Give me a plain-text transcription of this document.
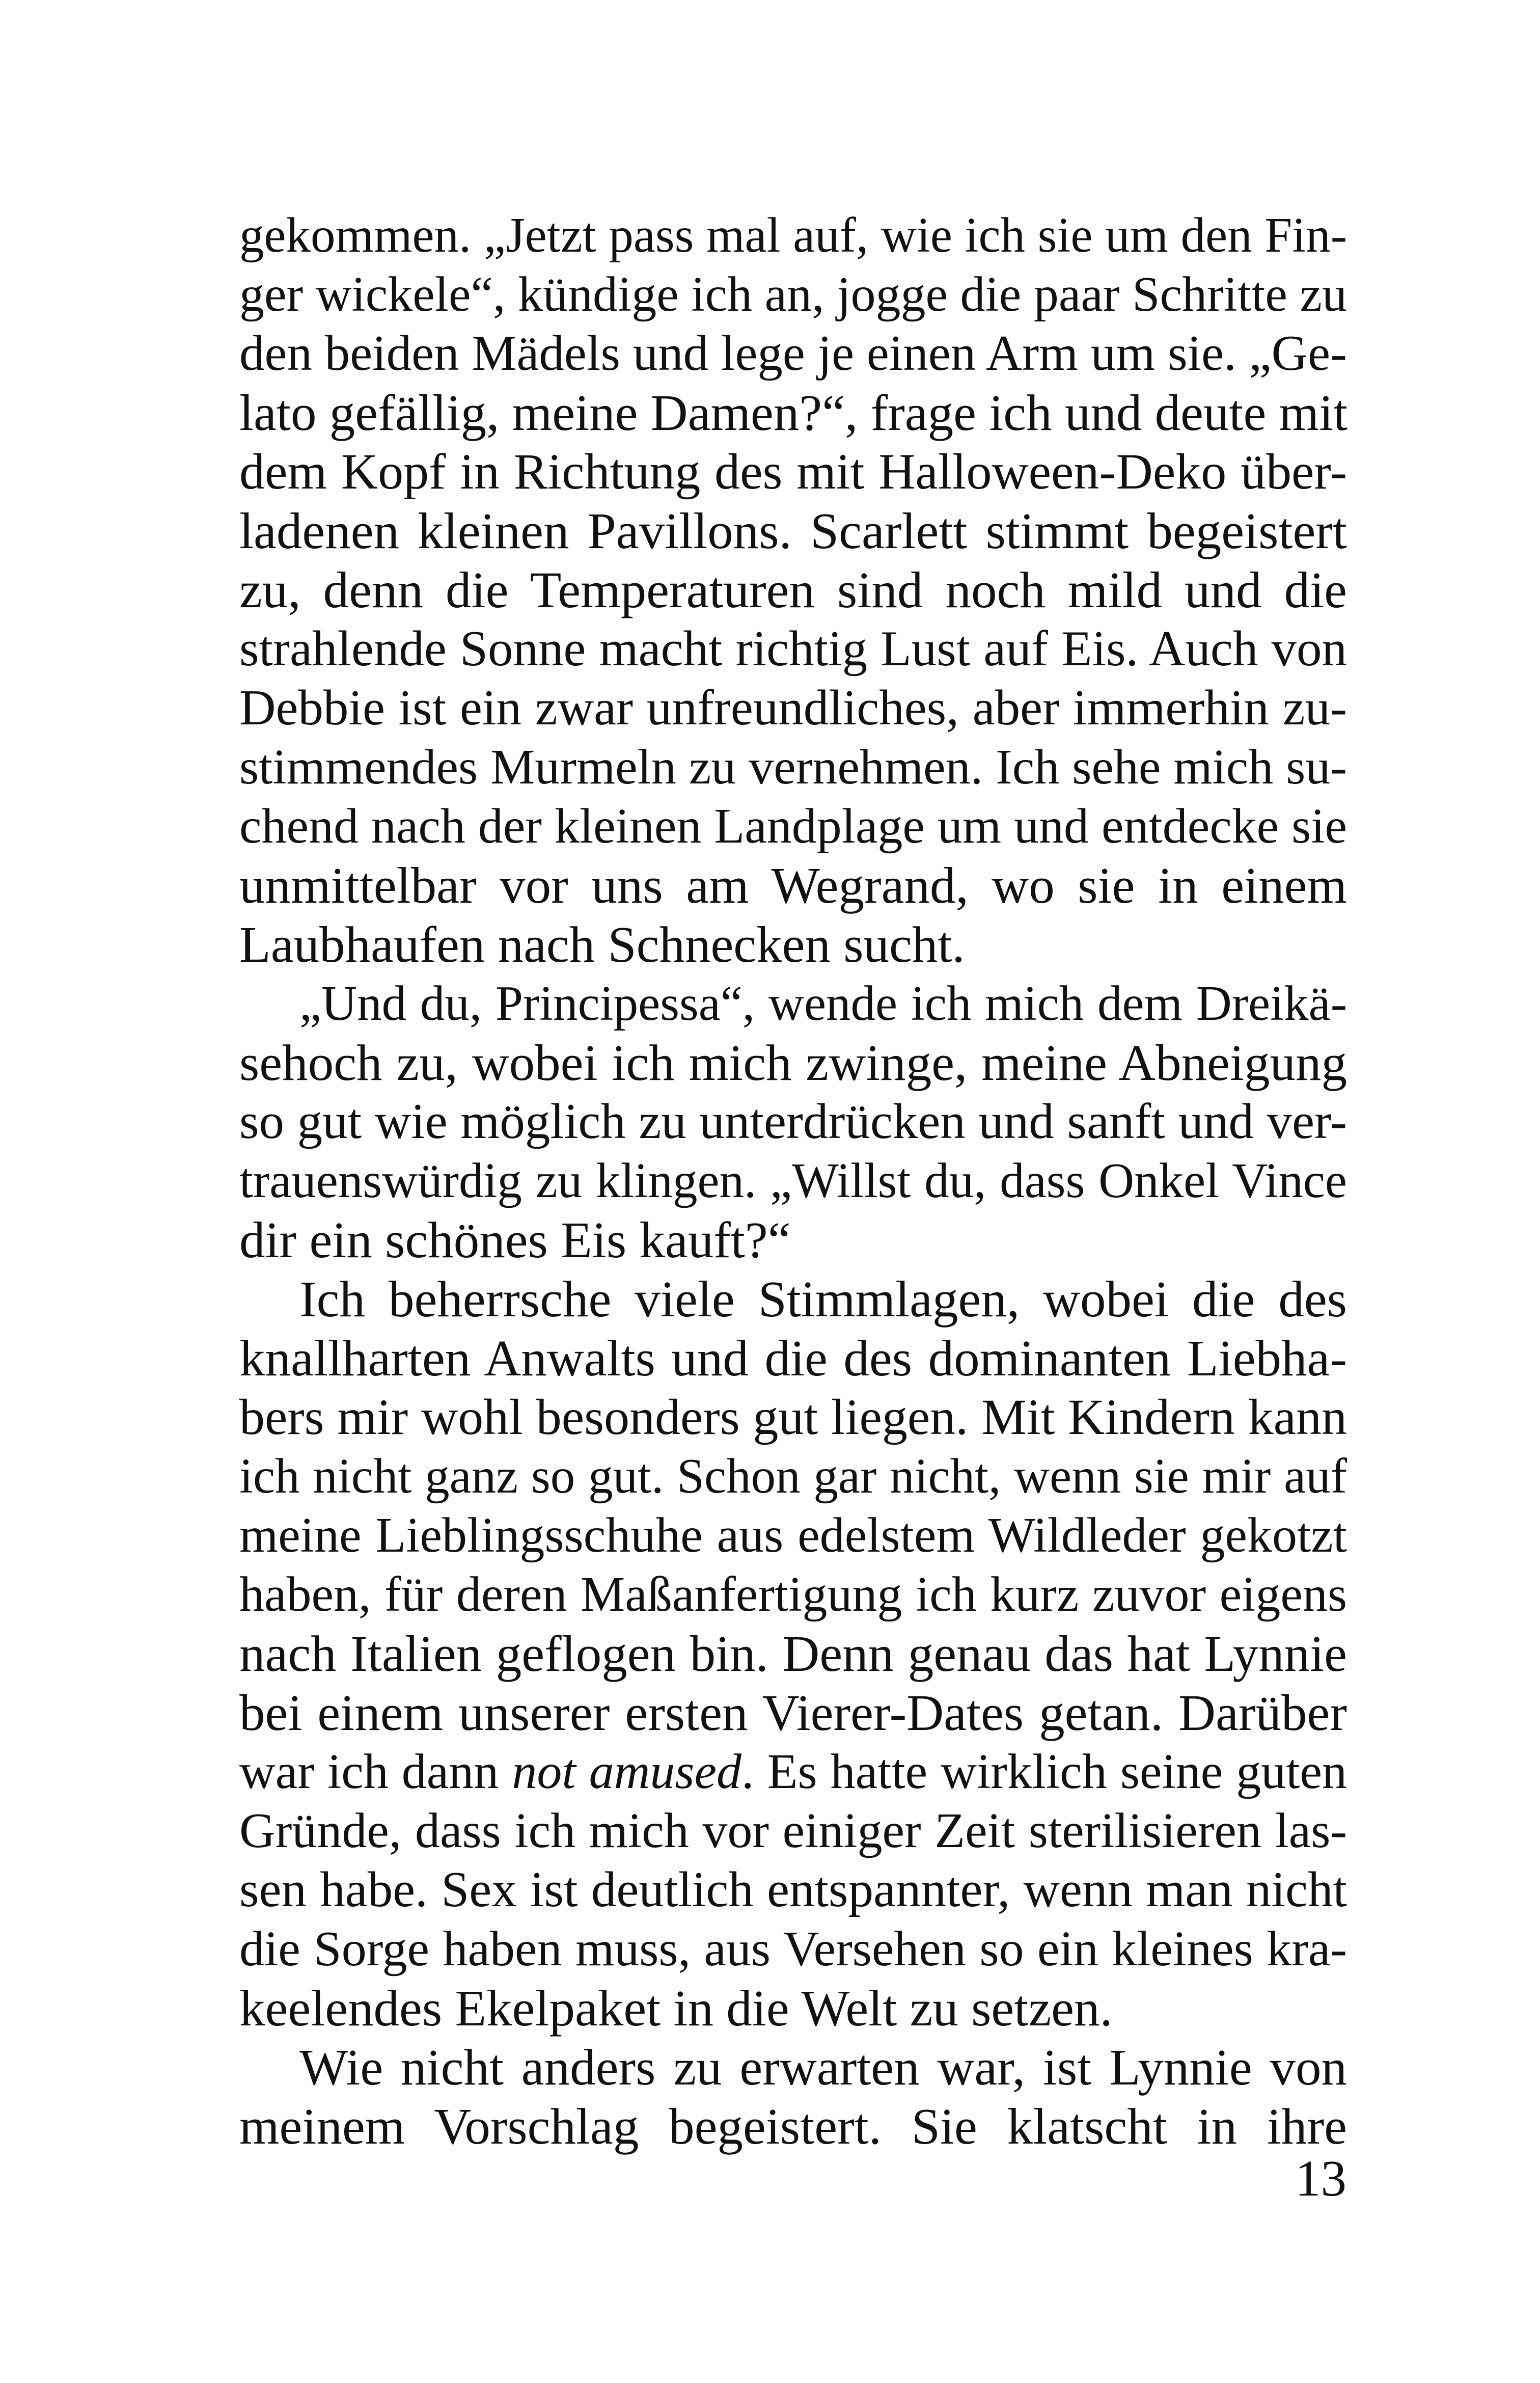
gekommen. „Jetzt pass mal auf, wie ich sie um den Fin-
ger wickele“, kündige ich an, jogge die paar Schritte zu
den beiden Mädels und lege je einen Arm um sie. „Ge-
lato gefällig, meine Damen?“, frage ich und deute mit
dem Kopf in Richtung des mit Halloween-Deko über-
ladenen kleinen Pavillons. Scarlett stimmt begeistert
zu, denn die Temperaturen sind noch mild und die
strahlende Sonne macht richtig Lust auf Eis. Auch von
Debbie ist ein zwar unfreundliches, aber immerhin zu-
stimmendes Murmeln zu vernehmen. Ich sehe mich su-
chend nach der kleinen Landplage um und entdecke sie
unmittelbar vor uns am Wegrand, wo sie in einem
Laubhaufen nach Schnecken sucht.
„Und du, Principessa“, wende ich mich dem Dreikä-
sehoch zu, wobei ich mich zwinge, meine Abneigung
so gut wie möglich zu unterdrücken und sanft und ver-
trauenswürdig zu klingen. „Willst du, dass Onkel Vince
dir ein schönes Eis kauft?“
Ich beherrsche viele Stimmlagen, wobei die des
knallharten Anwalts und die des dominanten Liebha-
bers mir wohl besonders gut liegen. Mit Kindern kann
ich nicht ganz so gut. Schon gar nicht, wenn sie mir auf
meine Lieblingsschuhe aus edelstem Wildleder gekotzt
haben, für deren Maßanfertigung ich kurz zuvor eigens
nach Italien geflogen bin. Denn genau das hat Lynnie
bei einem unserer ersten Vierer-Dates getan. Darüber
war ich dann not amused. Es hatte wirklich seine guten
Gründe, dass ich mich vor einiger Zeit sterilisieren las-
sen habe. Sex ist deutlich entspannter, wenn man nicht
die Sorge haben muss, aus Versehen so ein kleines kra-
keelendes Ekelpaket in die Welt zu setzen.
Wie nicht anders zu erwarten war, ist Lynnie von
meinem Vorschlag begeistert. Sie klatscht in ihre
13
